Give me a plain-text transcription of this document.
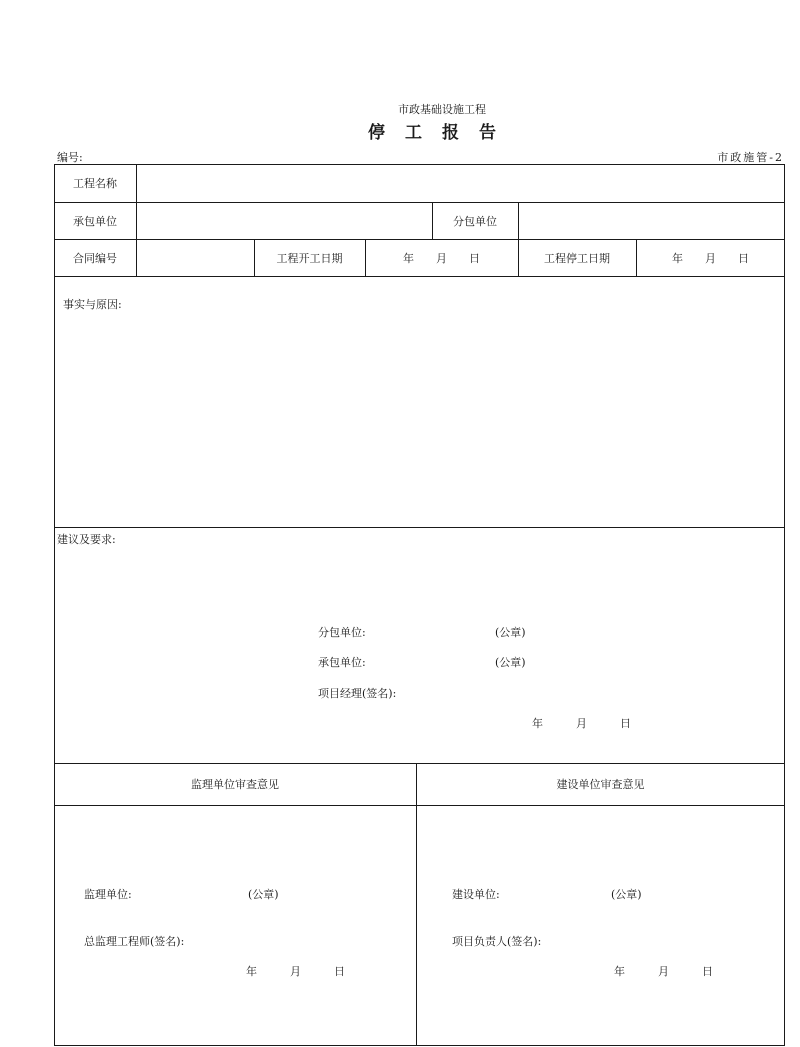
市政基础设施工程
停工报告
编号:	市政施管-2
工程名称
承包单位	分包单位
合同编号	工程开工日期	年　　月　　日	工程停工日期	年　　月　　日
事实与原因:
建议及要求:
分包单位:	(公章)
承包单位:	(公章)
项目经理(签名):
年　　　月　　　日
监理单位审查意见	建设单位审查意见
监理单位:	(公章)
总监理工程师(签名):
年　　　月　　　日
建设单位:	(公章)
项目负责人(签名):
年　　　月　　　日
